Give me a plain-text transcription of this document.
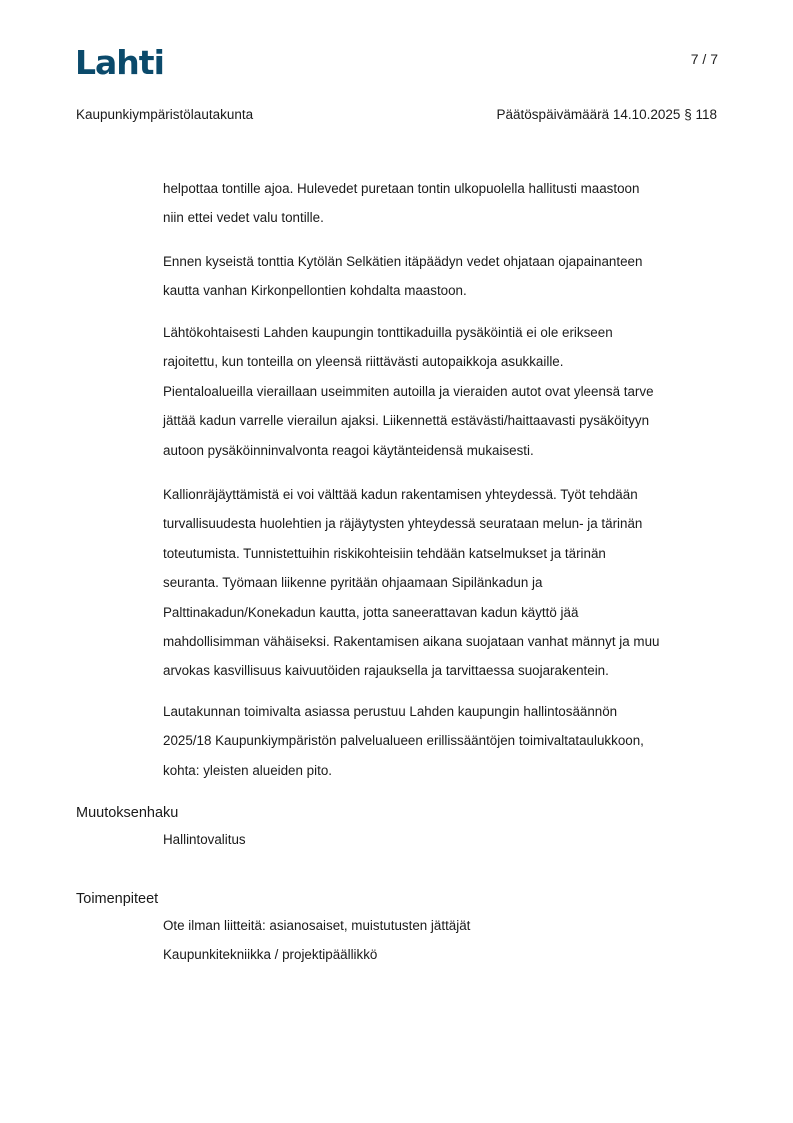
Lahti	7 / 7
Kaupunkiympäristölautakunta	Päätöspäivämäärä 14.10.2025 § 118
helpottaa tontille ajoa. Hulevedet puretaan tontin ulkopuolella hallitusti maastoon
niin ettei vedet valu tontille.
Ennen kyseistä tonttia Kytölän Selkätien itäpäädyn vedet ohjataan ojapainanteen
kautta vanhan Kirkonpellontien kohdalta maastoon.
Lähtökohtaisesti Lahden kaupungin tonttikaduilla pysäköintiä ei ole erikseen
rajoitettu, kun tonteilla on yleensä riittävästi autopaikkoja asukkaille.
Pientaloalueilla vieraillaan useimmiten autoilla ja vieraiden autot ovat yleensä tarve
jättää kadun varrelle vierailun ajaksi. Liikennettä estävästi/haittaavasti pysäköityyn
autoon pysäköinninvalvonta reagoi käytänteidensä mukaisesti.
Kallionräjäyttämistä ei voi välttää kadun rakentamisen yhteydessä. Työt tehdään
turvallisuudesta huolehtien ja räjäytysten yhteydessä seurataan melun- ja tärinän
toteutumista. Tunnistettuihin riskikohteisiin tehdään katselmukset ja tärinän
seuranta. Työmaan liikenne pyritään ohjaamaan Sipilänkadun ja
Palttinakadun/Konekadun kautta, jotta saneerattavan kadun käyttö jää
mahdollisimman vähäiseksi. Rakentamisen aikana suojataan vanhat männyt ja muu
arvokas kasvillisuus kaivuutöiden rajauksella ja tarvittaessa suojarakentein.
Lautakunnan toimivalta asiassa perustuu Lahden kaupungin hallintosäännön
2025/18 Kaupunkiympäristön palvelualueen erillissääntöjen toimivaltataulukkoon,
kohta: yleisten alueiden pito.
Muutoksenhaku
Hallintovalitus
Toimenpiteet
Ote ilman liitteitä: asianosaiset, muistutusten jättäjät
Kaupunkitekniikka / projektipäällikkö
